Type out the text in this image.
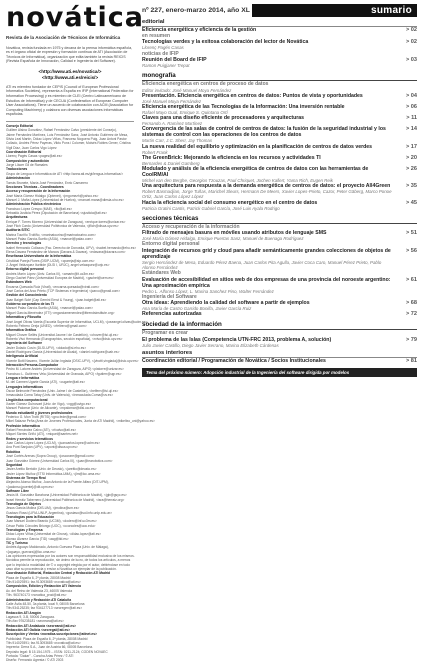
novática
Revista de la Asociación de Técnicos de Informática
Novática, revista fundada en 1975 y decana de la prensa informática española, es el órgano oficial de expresión y formación continua de ATI (Asociación de Técnicos de Informática), organización que edita también la revista REICIS (Revista Española de Innovación, Calidad e Ingeniería del Software).
<http://www.ati.es/novatica/>
<http://www.ati.es/reicis/>
ATI es miembro fundador de CEPIS (Council of European Professional Informatics Societies), representa a España en IFIP (International Federation for Information Processing) y es miembro de CLEI (Centro Latinoamericano de Estudios de Informática) y de CECUA (Confederation of European Computer User Associations). Tiene un acuerdo de colaboración con ACM (Association for Computing Machinery) y colabora con diversas asociaciones informáticas españolas.
Consejo Editorial
Guillem Alsina González, Rafael Fernández Calvo (presidente del Consejo),
Jaime Fernández Martínez, Luís Fernández Sanz, José Antonio Gutiérrez de Mesa,
Silvia Leal Martín, Dídac López Viñas, Francesc Noguera Puig, Joan Antoni Pastor
Collado, Andrés Pérez Payeras, Viktu Pons i Colomer, Moisés Robles Gener, Cristina
Vigil Díaz, Juan Carlos Vigo López
Coordinación Editorial
Llorenç Pagés Casas <pages@ati.es>
Composición y autoedición
Jorge Llácer Gil de Ramales
Traducciones
Grupo de Lengua e Informática de ATI <http://www.ati.es/gt/lengua-informatica/>
Administración
Tomás Brunete, María José Fernández, Enric Camarero
Secciones Técnicas - Coordinadores
Acceso y recuperación de la Información
José María Gómez Hidalgo (Optenet), <jmgomezh@yahoo.es>
Manuel J. Maña López (Universidad de Huelva), <manuel.mana@diesia.uhu.es>
Administración Pública electrónica
Francisco López Crespo (MAE), <flc@ati.es>
Sebastià Justicia Pérez (Diputación de Barcelona) <sjusticia@ati.es>
Arquitecturas
Enrique F. Torres Moreno (Universidad de Zaragoza), <enrique.torres@unizar.es>
José Flich Cardo (Universidad Politécnica de Valencia, <jflich@disca.upv.es>
Auditoría SITIC
Marina Touriño Troitiño, <marinatourino@marinatourino.com>
Manuel Palao García-Suelto (ASIA), <manuel@palao.com>
Derecho y tecnologías
Isabel Hernando Collazos (Fac. Derecho de Donostia, UPV), <isabel.hernando@ehu.es>
Elena Davara Fernández de Marcos (Davara & Davara), <edavara@davara.com>
Enseñanza Universitaria de la Informática
Cristóbal Pareja Flores (DSIP-UCM), <cpareja@sip.ucm.es>
J. Ángel Velázquez Iturbide (DLSI I, URJC), angel.velazquez@urjc.es>
Entorno digital personal
Andrés Marín López (Univ. Carlos III), <amarin@it.uc3m.es>
Diego Gachet Páez (Universidad Europea de Madrid), <gachet@uem.es>
Estándares Web
Encarna Quesada Ruiz (Virati), <encarna.quesada@virati.com>
José Carlos del Arco Prieto (TCP Sistemas e Ingeniería) <jcarco@gmail.com>
Gestión del Conocimiento
Joan Baiget Solé (Cap Gemini Ernst & Young), <joan.baiget@ati.es>
Gobierno corporativo de las TI
Manuel Palao García-Suelto (ASIA), <manuel@palao.com>
Miguel García-Menéndez (iTTi) <mgarciamenendez@ittrendsinstitute.org>
Informática y Filosofía
José Angel Olivas Varela (Escuela Superior de Informática, UCLM), <joseangel.olivas@uclm.es>
Roberto Feltrero Oreja (UNED), <rfeltrero@gmail.com>
Informática Gráfica
Miguel Chover Sellés (Universitat Jaume I de Castellón), <chover@lsi.uji.es>
Roberto Vivó Hernando (Eurographics, sección española), <rvivo@dsic.upv.es>
Ingeniería del Software
Javier Dolado Cosín (DLSI-UPV), <dolado@si.ehu.es>
Daniel Rodríguez García (Universidad de Alcalá), <daniel.rodriguez@uah.es>
Inteligencia Artificial
Vicente Botti Navarro, Vicente Julián Inglada (DSIC-UPV), <{vbotti,vinglada}@dsic.upv.es>
Interacción Persona-Computador
Pedro M. Latorre Andrés (Universidad de Zaragoza, AIPO) <platorre@unizar.es>
Francisco L. Gutiérrez Vela (Universidad de Granada, AIPO) <fgutierr@ugr.es>
Lengua e Informática
M. del Carmen Ugarte García (ATI), <cugarte@ati.es>
Lenguajes informáticos
Óscar Belmonte Fernández (Univ. Jaime I de Castellón), <belfern@lsi.uji.es>
Inmaculada Coma Tatay (Univ. de Valencia), <Inmaculada.Coma@uv.es>
Lingüística computacional
Xavier Gómez Guinovart (Univ. de Vigo), <xgg@uvigo.es>
Manuel Palomar (Univ. de Alicante), <mpalomar@dlsi.ua.es>
Mundo estudiantil y jóvenes profesionales
Federico G. Mon Trotti (RITSI) <gnu.fede@gmail.com>
Mikel Salazar Peña (Area de Jovenes Profesionales, Junta de ATI Madrid), <mikeltxo_uni@yahoo.es>
Profesión informática
Rafael Fernández Calvo (ATI), <rfcalvo@ati.es>
Miquel Sàrries Griñó (ATI), <miquel@sarries.net>
Redes y servicios telemáticos
Juan Carlos López López (UCLM), <juancarlos.lopez@uclm.es>
Ana Pont Sanjuán (UPV), <apont@disca.upv.es>
Robótica
José Cortés Arenas (Sopra Group), <joscorare@gmail.com>
Juan González Gómez (Universidad Carlos III), <juan@iearobotics.com>
Seguridad
Javier Areitio Bertolín (Univ. de Deusto), <jareitio@deusto.es>
Javier López Muñoz (ETSI Informática-UMA), <jlm@lcc.uma.es>
Sistemas de Tiempo Real
Alejandro Alonso Muñoz, Juan Antonio de la Puente Alfaro (DIT-UPM),
<{aalonso,jpuente}@dit.upm.es>
Software Libre
Jesús M. González Barahona (Universidad Politécnica de Madrid), <jgb@gsyc.es>
Israel Herráiz Tabernero (Universidad Politécnica de Madrid), <isra@herraiz.org>
Tecnología de Objetos
Jesus García Molina (DIS-UM), <jmolina@um.es>
Gustavo Rossi (LIFIA-UNLP, Argentina), <gustavo@sol.info.unlp.edu.ar>
Tecnologías para la Educación
Juan Manuel Dodero Beardo (UC3M), <dodero@inf.uc3m.es>
César Pablo Córcoles Briongo (UOC), <ccorcoles@uoc.edu>
Tecnologías y Empresa
Didac López Viñas (Universitat de Girona), <didac.lopez@ati.es>
Alonso Álvarez García (TID) <aag@tid.es>
TIC y Turismo
Andrés Aguayo Maldonado, Antonio Guevara Plaza (Univ. de Málaga),
<{aguayo, guevara}@lcc.uma.es>
Las opiniones expresadas por los autores son responsabilidad exclusiva de los mismos.
Novática permite la reproducción, sin ánimo de lucro, de todos los artículos, a menos
que lo impida la modalidad de © o copyright elegida por el autor, debiéndose en todo
caso citar su procedencia y enviar a Novática un ejemplar de la publicación.
Coordinación Editorial, Redacción Central y Redacción ATI Madrid
Plaza de España 6, 2ª planta, 28008 Madrid
Tlfn.914029391; fax.913093685 <novatica@ati.es>
Composición, Edición y Redacción ATI Valencia
Av. del Reino de Valencia 23, 46005 Valencia
Tlfn. 963740173 <novatica_prod@ati.es>
Administración y Redacción ATI Cataluña
Calle Ávila 48-50, 3a planta, local 9, 08005 Barcelona
Tlfn.934125235; fax 934127713 <secregen@ati.es>
Redacción ATI Aragón
Lagasca 9, 3-B, 50006 Zaragoza.
Tlfn./fax 976235181 <secreara@ati.es>
Redacción ATI Andalucía <secreand@ati.es>
Redacción ATI Galicia <secregal@ati.es>
Suscripción y Ventas <novatica.suscripciones@atinet.es>
Publicidad: Plaza de España 6, 2ª planta, 28008 Madrid
Tlfn.914029391; fax.913093685 <novatica@ati.es>
Imprenta: Derra S.A., Juan de Austria 66, 08005 Barcelona.
Depósito legal: B 15.154-1975 -- ISSN: 0211-2124; CODEN NOVAEC
Portada: "Dakar" - Concha Arias Pérez / © ATI
Diseño: Fernando Agresta / © ATI 2003
nº 227, enero-marzo 2014, año XL	sumario
editorial
Eficiencia energética y eficiencia de la gestión	> 02
en resumen
Tecnologías verdes y la exitosa colaboración del lector de Novática
Llorenç Pagés Casas
> 02
noticias de IFIP
Reunión del Board de IFIP
Ramon Puigjaner Trepat
> 03
monografía
Eficiencia energética en centros de proceso de datos
Editor invitado: José Manuel Moya Fernández
Presentación. Eficiencia energética en centros de datos: Puntos de vista y oportunidades
José Manuel Moya Fernández
> 04
Eficiencia energética de las Tecnologías de la Información: Una inversión rentable
Rafael Mayo Gual, Enrique S. Quintana Ortí
> 06
Claves para una diseño eficiente de procesadores y arquitecturas
Fernando A. Ramírez Martínez
> 11
Convergencia de las salas de control de centros de datos: la fusión de la seguridad industrial y los sistemas de control con las operaciones de los centros de datos
Martin Carr, J.C. Sherr, Jay Thomas
> 14
La nueva realidad del equilibrio y optimización en la planificación de centros de datos verdes
Robert Frank
> 17
The GreenBrick: Mejorando la eficiencia en los recursos y actividades TI
Bernardes & Daniel Gamberg
> 20
Modulado y análisis de la eficiencia energética de centros de datos con las herramientas de CoolRM/AI
Michel van den Berghe, Georgios Tzouzas, Paul Chriquet, Jochen Kallert, Yama Rich, Eugen Reik
> 26
Una arquitectura para respuesta a la demanda energética de centros de datos: el proyecto All4Green
Robert Basmadjian, Jorge Tuñas, Marichel Sleurs, Hermann De Meers, Xavier Lopes-Prieto, Cazor, Peter Gäberg, Marco Ponoe Ortiz, Juan Carlos López López
> 35
Hacia la eficiencia social del consumo energético en el centro de datos
Patricia Gratini Cantis, Patrick Gabriel García, José Luis Ayala Rodrigo
> 45
secciones técnicas
Acceso y recuperación de la información
Filtrado de mensajes basura en móviles usando atributos de lenguaje SMS
José María Gómez Hidalgo, Enrique Puertas Sanz, Manuel de Buenaga Rodríguez
> 51
Entorno digital personal
Integración de recursos grid y cloud para añadir semánticamente grandes colecciones de objetos de aprendizaje
Sergio Hernández de Mesa, Eduardo Pérez Baena, Juan Carlos Pita Agulla, Javier Coca Caro, Manuel Pérez Prieto, Pablo Alonso Fernández
> 56
Estándares Web
Evaluación de accesibilidad en sitios web de dos empresas de una provincia del noroeste argentino: Una aproximación empírica
Pedro L. Alfonso López, L. Marina Sanchez Pino, Walter Fernández
> 61
Ingeniería del Software
Otra ideas: Aprendiendo la calidad del software a partir de ejemplos
Ana María de Castro Garrido Bonilla, Javier García Ruiz
> 68
Referencias autorizadas	> 72
sociedad de la información
Programar es crear
El problema de las Islas (Competencia UTN-FRC 2013, problema A, solución)
Julio Javier Castillo, Diego Javier Serrano, Marina Elizabeth Cárdenas
> 79
asuntos interiores
Coordinación editorial / Programación de Novática / Socios Institucionales	> 81
Tema del próximo número: Adopción industrial de la Ingeniería del software dirigida por modelos
